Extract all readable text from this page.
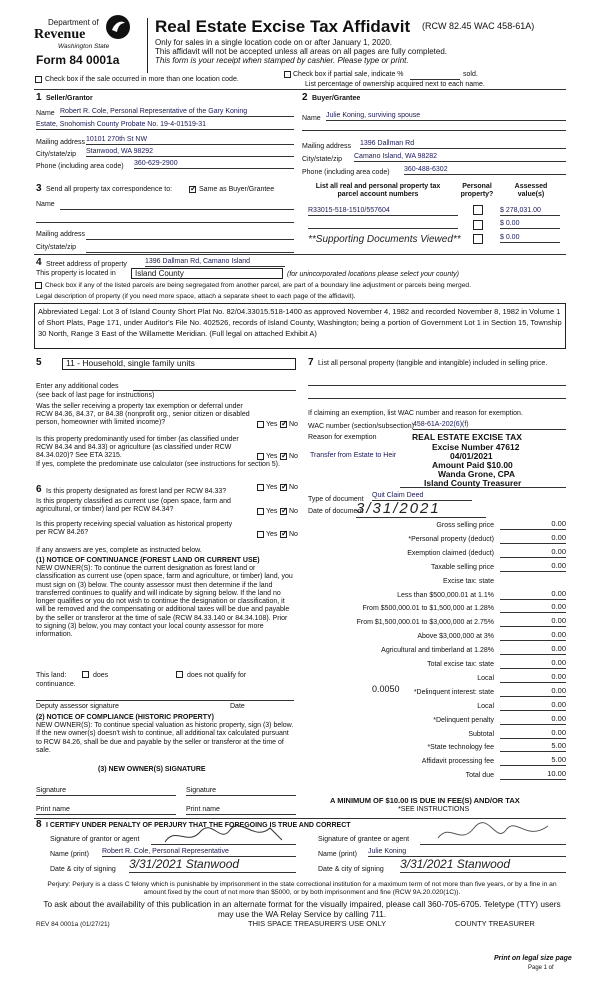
Department of
Revenue
Washington State
Form 84 0001a
Real Estate Excise Tax Affidavit (RCW 82.45 WAC 458-61A)
Only for sales in a single location code on or after January 1, 2020.
This affidavit will not be accepted unless all areas on all pages are fully completed.
This form is your receipt when stamped by cashier. Please type or print.
Check box if the sale occurred in more than one location code.
Check box if partial sale, indicate %	sold.
List percentage of ownership acquired next to each name.
1 Seller/Grantor
Name Robert R. Cole, Personal Representative of the Gary Koning
Estate, Snohomish County Probate No. 19-4-01519-31
Mailing address 10101 270th St NW
City/state/zip Stanwood, WA 98292
Phone (including area code) 360-629-2900
2 Buyer/Grantee
Name Julie Koning, surviving spouse
Mailing address 1396 Dallman Rd
City/state/zip Camano Island, WA 98282
Phone (including area code) 360-488-6302
3 Send all property tax correspondence to: ✓	Same as Buyer/Grantee
Name
Mailing address
City/state/zip
List all real and personal property tax parcel account numbers
Personal property?
Assessed value(s)
R33015-518-1510/557604	$ 278,031.00
$ 0.00
**Supporting Documents Viewed**	$ 0.00
4 Street address of property	1396 Dallman Rd, Camano Island
This property is located in	Island County	(for unincorporated locations please select your county)
Check box if any of the listed parcels are being segregated from another parcel, are part of a boundary line adjustment or parcels being merged.
Legal description of property (if you need more space, attach a separate sheet to each page of the affidavit).
Abbreviated Legal: Lot 3 of Island County Short Plat No. 82/04.33015.518-1400 as approved November 4, 1982 and recorded November 8, 1982 in Volume 1 of Short Plats, Page 171, under Auditor's File No. 402526, records of Island County, Washington; being a portion of Government Lot 1 in Section 15, Township 30 North, Range 3 East of the Willamette Meridian. (Full legal on attached Exhibit A)
5	11 - Household, single family units
Enter any additional codes
(see back of last page for instructions)
Was the seller receiving a property tax exemption or deferral under RCW 84.36, 84.37, or 84.38 (nonprofit org., senior citizen or disabled person, homeowner with limited income)?	Yes ✓ No
Is this property predominantly used for timber (as classified under RCW 84.34 and 84.33) or agriculture (as classified under RCW 84.34.020)? See ETA 3215.	Yes ✓ No
If yes, complete the predominate use calculator (see instructions for section 5).
6 Is this property designated as forest land per RCW 84.33?
Yes ✓ No
Is this property classified as current use (open space, farm and agricultural, or timber) land per RCW 84.34?	Yes ✓ No
Is this property receiving special valuation as historical property per RCW 84.26?	Yes ✓ No
If any answers are yes, complete as instructed below.
(1) NOTICE OF CONTINUANCE (FOREST LAND OR CURRENT USE)
NEW OWNER(S): To continue the current designation as forest land or classification as current use (open space, farm and agriculture, or timber) land, you must sign on (3) below. The county assessor must then determine if the land transferred continues to qualify and will indicate by signing below. If the land no longer qualifies or you do not wish to continue the designation or classification, it will be removed and the compensating or additional taxes will be due and payable by the seller or transferor at the time of sale (RCW 84.33.140 or 84.34.108). Prior to signing (3) below, you may contact your local county assessor for more information.
This land:	does	does not qualify for
continuance.
Deputy assessor signature	Date
(2) NOTICE OF COMPLIANCE (HISTORIC PROPERTY)
NEW OWNER(S): To continue special valuation as historic property, sign (3) below. If the new owner(s) doesn't wish to continue, all additional tax calculated pursuant to RCW 84.26, shall be due and payable by the seller or transferor at the time of sale.
(3) NEW OWNER(S) SIGNATURE
Signature	Signature
Print name	Print name
7 List all personal property (tangible and intangible) included in selling price.
If claiming an exemption, list WAC number and reason for exemption.
WAC number (section/subsection) 458-61A-202(6)(f)
Reason for exemption
Transfer from Estate to Heir
REAL ESTATE EXCISE TAX
Excise Number 47612
04/01/2021
Amount Paid $10.00
Wanda Grone, CPA
Island County Treasurer
Type of document
Quit Claim Deed
Date of document
3/31/2021
Gross selling price	0.00
*Personal property (deduct)	0.00
Exemption claimed (deduct)	0.00
Taxable selling price	0.00
Excise tax: state
Less than $500,000.01 at 1.1%	0.00
From $500,000.01 to $1,500,000 at 1.28%	0.00
From $1,500,000.01 to $3,000,000 at 2.75%	0.00
Above $3,000,000 at 3%	0.00
Agricultural and timberland at 1.28%	0.00
Total excise tax: state	0.00
Local	0.00
*Delinquent interest: state	0.00
Local	0.00
*Delinquent penalty	0.00
Subtotal	0.00
*State technology fee	5.00
Affidavit processing fee	5.00
Total due	10.00
0.0050
A MINIMUM OF $10.00 IS DUE IN FEE(S) AND/OR TAX
*SEE INSTRUCTIONS
8 I CERTIFY UNDER PENALTY OF PERJURY THAT THE FOREGOING IS TRUE AND CORRECT
Signature of grantor or agent
Name (print) Robert R. Cole, Personal Representative
Date & city of signing 3/31/2021 Stanwood
Signature of grantee or agent
Name (print) Julie Koning
Date & city of signing 3/31/2021 Stanwood
Perjury: Perjury is a class C felony which is punishable by imprisonment in the state correctional institution for a maximum term of not more than five years, or by a fine in an amount fixed by the court of not more than $5000, or by both imprisonment and fine (RCW 9A.20.020(1C)).
To ask about the availability of this publication in an alternate format for the visually impaired, please call 360-705-6705. Teletype (TTY) users may use the WA Relay Service by calling 711.
REV 84 0001a (01/27/21)	THIS SPACE TREASURER'S USE ONLY	COUNTY TREASURER
Print on legal size page
Page 1 of
